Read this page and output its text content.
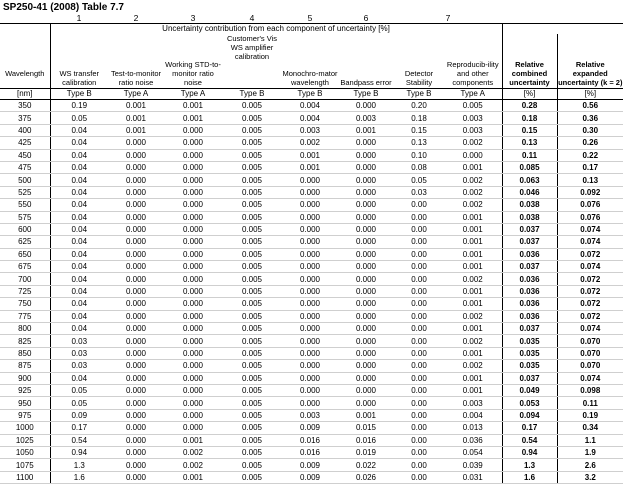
SP250-41 (2008) Table 7.7
	1	2	3	4	5	6	7			
	Uncertainty contribution from each component of uncertainty [%]									
Wavelength	WS transfer calibration	Test-to-monitor ratio noise	Working STD-to-monitor ratio noise	Customer's Vis WS amplifier calibration	Monochro-mator wavelength	Bandpass error	Detector Stability	Reproducib-ility and other components	Relative combined uncertainty	Relative expanded uncertainty (k = 2)
[nm]	Type B	Type A	Type A	Type B	Type B	Type B	Type B	Type A	[%]	[%]
350	0.19	0.001	0.001	0.005	0.004	0.000	0.20	0.005	0.28	0.56
375	0.05	0.001	0.001	0.005	0.004	0.003	0.18	0.003	0.18	0.36
400	0.04	0.001	0.000	0.005	0.003	0.001	0.15	0.003	0.15	0.30
425	0.04	0.000	0.000	0.005	0.002	0.000	0.13	0.002	0.13	0.26
450	0.04	0.000	0.000	0.005	0.001	0.000	0.10	0.000	0.11	0.22
475	0.04	0.000	0.000	0.005	0.001	0.000	0.08	0.001	0.085	0.17
500	0.04	0.000	0.000	0.005	0.000	0.000	0.05	0.002	0.063	0.13
525	0.04	0.000	0.000	0.005	0.000	0.000	0.03	0.002	0.046	0.092
550	0.04	0.000	0.000	0.005	0.000	0.000	0.00	0.002	0.038	0.076
575	0.04	0.000	0.000	0.005	0.000	0.000	0.00	0.001	0.038	0.076
600	0.04	0.000	0.000	0.005	0.000	0.000	0.00	0.001	0.037	0.074
625	0.04	0.000	0.000	0.005	0.000	0.000	0.00	0.001	0.037	0.074
650	0.04	0.000	0.000	0.005	0.000	0.000	0.00	0.001	0.036	0.072
675	0.04	0.000	0.000	0.005	0.000	0.000	0.00	0.001	0.037	0.074
700	0.04	0.000	0.000	0.005	0.000	0.000	0.00	0.002	0.036	0.072
725	0.04	0.000	0.000	0.005	0.000	0.000	0.00	0.001	0.036	0.072
750	0.04	0.000	0.000	0.005	0.000	0.000	0.00	0.001	0.036	0.072
775	0.04	0.000	0.000	0.005	0.000	0.000	0.00	0.002	0.036	0.072
800	0.04	0.000	0.000	0.005	0.000	0.000	0.00	0.001	0.037	0.074
825	0.03	0.000	0.000	0.005	0.000	0.000	0.00	0.002	0.035	0.070
850	0.03	0.000	0.000	0.005	0.000	0.000	0.00	0.001	0.035	0.070
875	0.03	0.000	0.000	0.005	0.000	0.000	0.00	0.002	0.035	0.070
900	0.04	0.000	0.000	0.005	0.000	0.000	0.00	0.001	0.037	0.074
925	0.05	0.000	0.000	0.005	0.000	0.000	0.00	0.001	0.049	0.098
950	0.05	0.000	0.000	0.005	0.000	0.000	0.00	0.003	0.053	0.11
975	0.09	0.000	0.000	0.005	0.003	0.001	0.00	0.004	0.094	0.19
1000	0.17	0.000	0.000	0.005	0.009	0.015	0.00	0.013	0.17	0.34
1025	0.54	0.000	0.001	0.005	0.016	0.016	0.00	0.036	0.54	1.1
1050	0.94	0.000	0.002	0.005	0.016	0.019	0.00	0.054	0.94	1.9
1075	1.3	0.000	0.002	0.005	0.009	0.022	0.00	0.039	1.3	2.6
1100	1.6	0.000	0.001	0.005	0.009	0.026	0.00	0.031	1.6	3.2
